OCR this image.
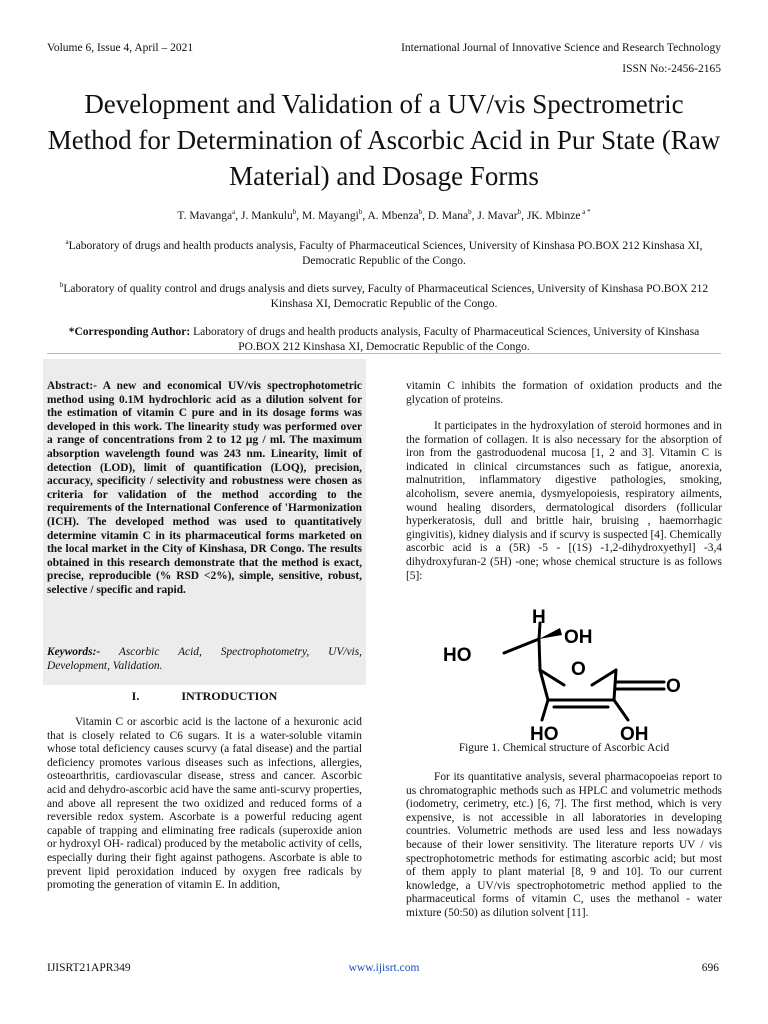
Volume 6, Issue 4, April – 2021	International Journal of Innovative Science and Research Technology
ISSN No:-2456-2165
Development and Validation of a UV/vis Spectrometric Method for Determination of Ascorbic Acid in Pur State (Raw Material) and Dosage Forms
T. Mavanga$^a$, J. Mankulu$^b$, M. Mayangi$^b$, A. Mbenza$^b$, D. Mana$^b$, J. Mavar$^b$, JK. Mbinze $^{a *}$
$^a$Laboratory of drugs and health products analysis, Faculty of Pharmaceutical Sciences, University of Kinshasa PO.BOX 212 Kinshasa XI, Democratic Republic of the Congo.
$^b$Laboratory of quality control and drugs analysis and diets survey, Faculty of Pharmaceutical Sciences, University of Kinshasa PO.BOX 212 Kinshasa XI, Democratic Republic of the Congo.
*Corresponding Author: Laboratory of drugs and health products analysis, Faculty of Pharmaceutical Sciences, University of Kinshasa PO.BOX 212 Kinshasa XI, Democratic Republic of the Congo.
Abstract:- A new and economical UV/vis spectrophotometric method using 0.1M hydrochloric acid as a dilution solvent for the estimation of vitamin C pure and in its dosage forms was developed in this work. The linearity study was performed over a range of concentrations from 2 to 12 µg / ml. The maximum absorption wavelength found was 243 nm. Linearity, limit of detection (LOD), limit of quantification (LOQ), precision, accuracy, specificity / selectivity and robustness were chosen as criteria for validation of the method according to the requirements of the International Conference of 'Harmonization (ICH). The developed method was used to quantitatively determine vitamin C in its pharmaceutical forms marketed on the local market in the City of Kinshasa, DR Congo. The results obtained in this research demonstrate that the method is exact, precise, reproducible (% RSD <2%), simple, sensitive, robust, selective / specific and rapid.
Keywords:- Ascorbic Acid, Spectrophotometry, UV/vis, Development, Validation.
I.	INTRODUCTION
Vitamin C or ascorbic acid is the lactone of a hexuronic acid that is closely related to C6 sugars. It is a water-soluble vitamin whose total deficiency causes scurvy (a fatal disease) and the partial deficiency promotes various diseases such as infections, allergies, osteoarthritis, cardiovascular disease, stress and cancer. Ascorbic acid and dehydro-ascorbic acid have the same anti-scurvy properties, and above all represent the two oxidized and reduced forms of a reversible redox system. Ascorbate is a powerful reducing agent capable of trapping and eliminating free radicals (superoxide anion or hydroxyl OH- radical) produced by the metabolic activity of cells, especially during their fight against pathogens. Ascorbate is able to prevent lipid peroxidation induced by oxygen free radicals by promoting the generation of vitamin E. In addition,
vitamin C inhibits the formation of oxidation products and the glycation of proteins.
It participates in the hydroxylation of steroid hormones and in the formation of collagen. It is also necessary for the absorption of iron from the gastroduodenal mucosa [1, 2 and 3]. Vitamin C is indicated in clinical circumstances such as fatigue, anorexia, malnutrition, inflammatory digestive pathologies, smoking, alcoholism, severe anemia, dysmyelopoiesis, respiratory ailments, wound healing disorders, dermatological disorders (follicular hyperkeratosis, dull and brittle hair, bruising , haemorrhagic gingivitis), kidney dialysis and if scurvy is suspected [4]. Chemically ascorbic acid is a (5R) -5 - [(1S) -1,2-dihydroxyethyl] -3,4 dihydroxyfuran-2 (5H) -one; whose chemical structure is as follows [5]:
H
OH
HO
O
O
HO	OH
Figure 1. Chemical structure of Ascorbic Acid
For its quantitative analysis, several pharmacopoeias report to us chromatographic methods such as HPLC and volumetric methods (iodometry, cerimetry, etc.) [6, 7]. The first method, which is very expensive, is not accessible in all laboratories in developing countries. Volumetric methods are used less and less nowadays because of their lower sensitivity. The literature reports UV / vis spectrophotometric methods for estimating ascorbic acid; but most of them apply to plant material [8, 9 and 10]. To our current knowledge, a UV/vis spectrophotometric method applied to the pharmaceutical forms of vitamin C, uses the methanol - water mixture (50:50) as dilution solvent [11].
IJISRT21APR349	www.ijisrt.com	696
